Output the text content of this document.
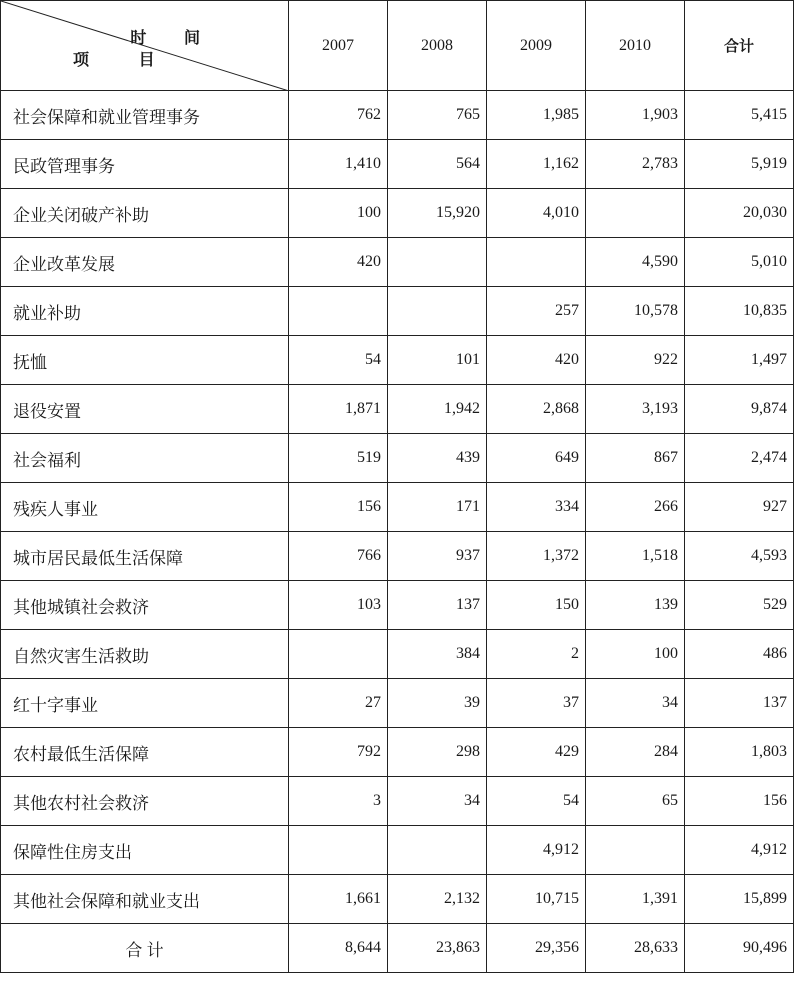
时 间
项 目	2007	2008	2009	2010	合计
社会保障和就业管理事务	762	765	1,985	1,903	5,415
民政管理事务	1,410	564	1,162	2,783	5,919
企业关闭破产补助	100	15,920	4,010		20,030
企业改革发展	420			4,590	5,010
就业补助			257	10,578	10,835
抚恤	54	101	420	922	1,497
退役安置	1,871	1,942	2,868	3,193	9,874
社会福利	519	439	649	867	2,474
残疾人事业	156	171	334	266	927
城市居民最低生活保障	766	937	1,372	1,518	4,593
其他城镇社会救济	103	137	150	139	529
自然灾害生活救助		384	2	100	486
红十字事业	27	39	37	34	137
农村最低生活保障	792	298	429	284	1,803
其他农村社会救济	3	34	54	65	156
保障性住房支出			4,912		4,912
其他社会保障和就业支出	1,661	2,132	10,715	1,391	15,899
合 计	8,644	23,863	29,356	28,633	90,496
